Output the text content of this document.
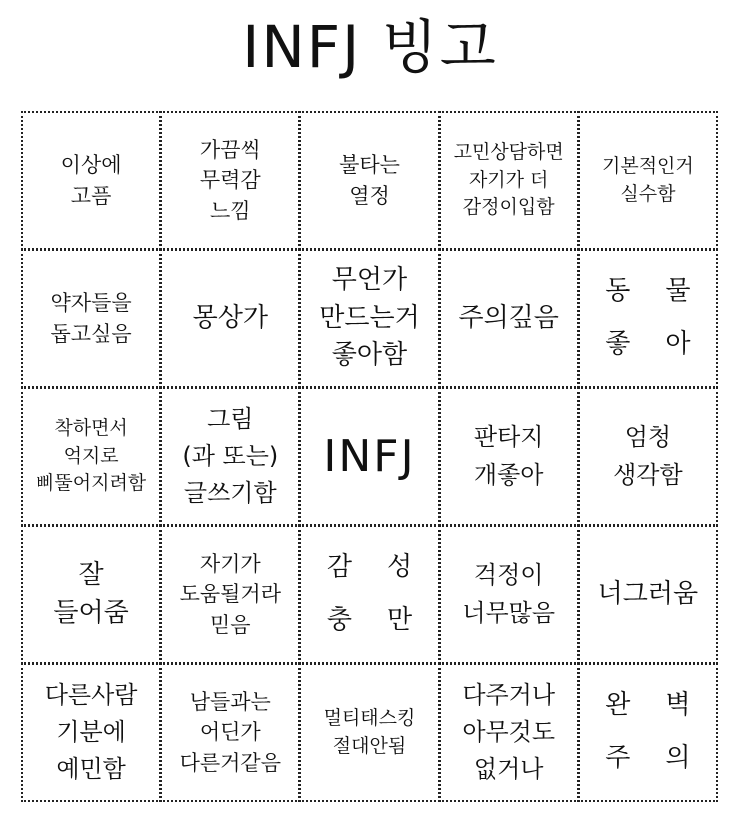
INFJ 빙고
이상에
고픔
가끔씩
무력감
느낌
불타는
열정
고민상담하면
자기가 더
감정이입함
기본적인거
실수함
약자들을
돕고싶음
몽상가
무언가
만드는거
좋아함
주의깊음
동 물
좋 아
착하면서
억지로
삐뚤어지려함
그림
(과 또는)
글쓰기함
INFJ 판타지
개좋아
엄청
생각함
잘
들어줌
자기가
도움될거라
믿음
감 성
충 만
걱정이
너무많음
너그러움
다른사람
기분에
예민함
남들과는
어딘가
다른거같음
멀티태스킹
절대안됨
다주거나
아무것도
없거나
완 벽
주 의
